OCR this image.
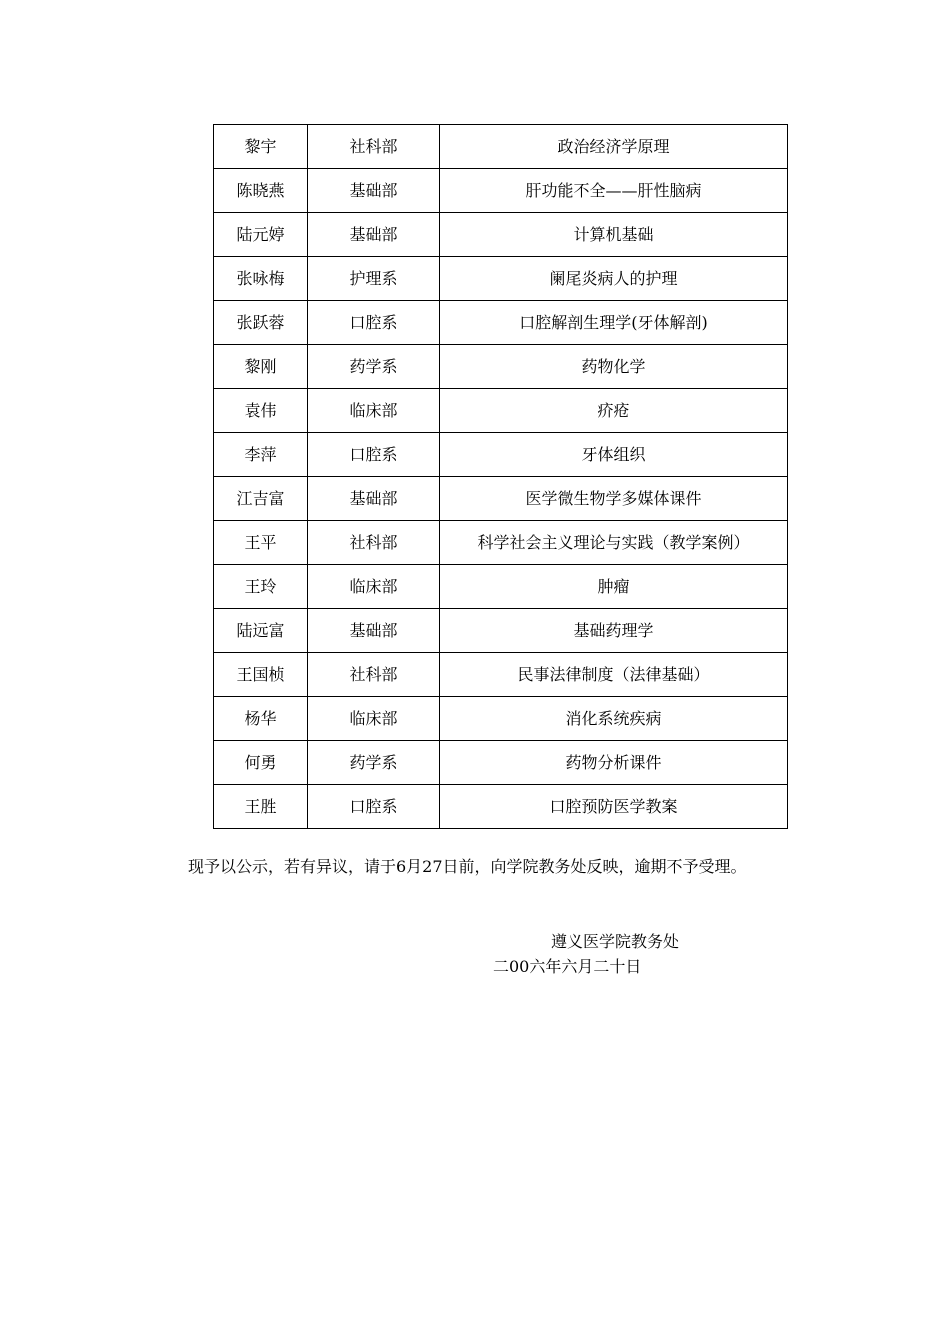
黎宇	社科部	政治经济学原理
陈晓燕	基础部	肝功能不全——肝性脑病
陆元婷	基础部	计算机基础
张咏梅	护理系	阑尾炎病人的护理
张跃蓉	口腔系	口腔解剖生理学(牙体解剖)
黎刚	药学系	药物化学
袁伟	临床部	疥疮
李萍	口腔系	牙体组织
江吉富	基础部	医学微生物学多媒体课件
王平	社科部	科学社会主义理论与实践（教学案例）
王玲	临床部	肿瘤
陆远富	基础部	基础药理学
王国桢	社科部	民事法律制度（法律基础）
杨华	临床部	消化系统疾病
何勇	药学系	药物分析课件
王胜	口腔系	口腔预防医学教案
现予以公示，若有异议，请于6月27日前，向学院教务处反映，逾期不予受理。
遵义医学院教务处
二00六年六月二十日
